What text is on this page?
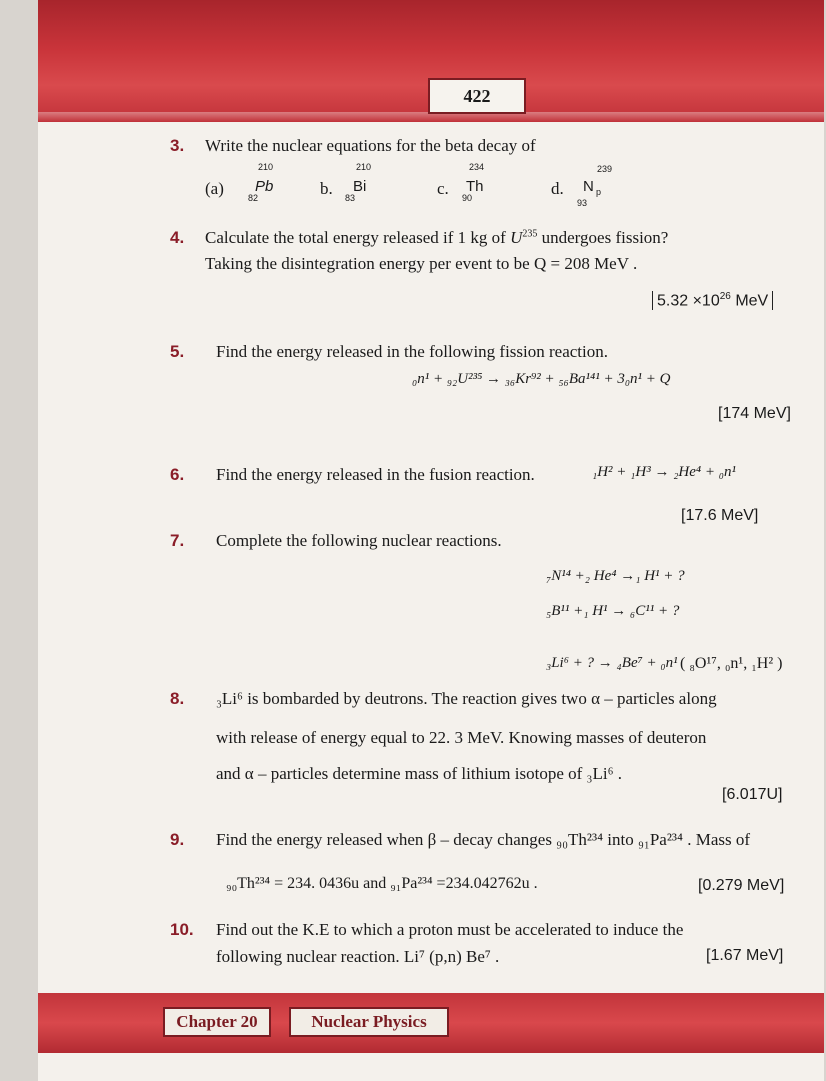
422
3. Write the nuclear equations for the beta decay of
(a) Pb
210
82	b. Bi
210
83	c. Th
234
90	d. N p
239
93
4. Calculate the total energy released if 1 kg of $U^{235}$ undergoes fission?
Taking the disintegration energy per event to be Q = 208 MeV .
$5.32 \times 10^{26}$ MeV
5. Find the energy released in the following fission reaction.
₀n¹ + ₉₂U²³⁵ → ₃₆Kr⁹² + ₅₆Ba¹⁴¹ + 3₀n¹ + Q
[174 MeV]
6. Find the energy released in the fusion reaction.	₁H² + ₁H³ → ₂He⁴ + ₀n¹
[17.6 MeV]
7. Complete the following nuclear reactions.
₇N¹⁴ +₂ He⁴ →₁ H¹ + ?
₅B¹¹ +₁ H¹ → ₆C¹¹ + ?
₃Li⁶ + ? → ₄Be⁷ + ₀n¹ ( ₈O¹⁷, ₀n¹, ₁H² )
8. ₃Li⁶ is bombarded by deutrons. The reaction gives two α – particles along
with release of energy equal to 22. 3 MeV. Knowing masses of deuteron
and α – particles determine mass of lithium isotope of ₃Li⁶ .
[6.017U]
9. Find the energy released when β – decay changes ₉₀Th²³⁴ into ₉₁Pa²³⁴ . Mass of
₉₀Th²³⁴ = 234. 0436u and ₉₁Pa²³⁴ =234.042762u .	[0.279 MeV]
10. Find out the K.E to which a proton must be accelerated to induce the
following nuclear reaction. Li⁷ (p,n) Be⁷ .	[1.67 MeV]
Chapter 20	Nuclear Physics
